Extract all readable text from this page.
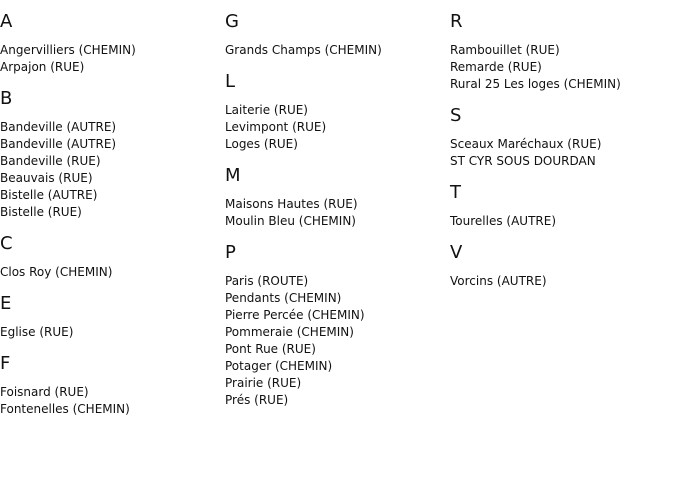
A
Angervilliers (CHEMIN)
Arpajon (RUE)
B
Bandeville (AUTRE)
Bandeville (AUTRE)
Bandeville (RUE)
Beauvais (RUE)
Bistelle (AUTRE)
Bistelle (RUE)
C
Clos Roy (CHEMIN)
E
Eglise (RUE)
F
Foisnard (RUE)
Fontenelles (CHEMIN)
G
Grands Champs (CHEMIN)
L
Laiterie (RUE)
Levimpont (RUE)
Loges (RUE)
M
Maisons Hautes (RUE)
Moulin Bleu (CHEMIN)
P
Paris (ROUTE)
Pendants (CHEMIN)
Pierre Percée (CHEMIN)
Pommeraie (CHEMIN)
Pont Rue (RUE)
Potager (CHEMIN)
Prairie (RUE)
Prés (RUE)
R
Rambouillet (RUE)
Remarde (RUE)
Rural 25 Les loges (CHEMIN)
S
Sceaux Maréchaux (RUE)
ST CYR SOUS DOURDAN
T
Tourelles (AUTRE)
V
Vorcins (AUTRE)
